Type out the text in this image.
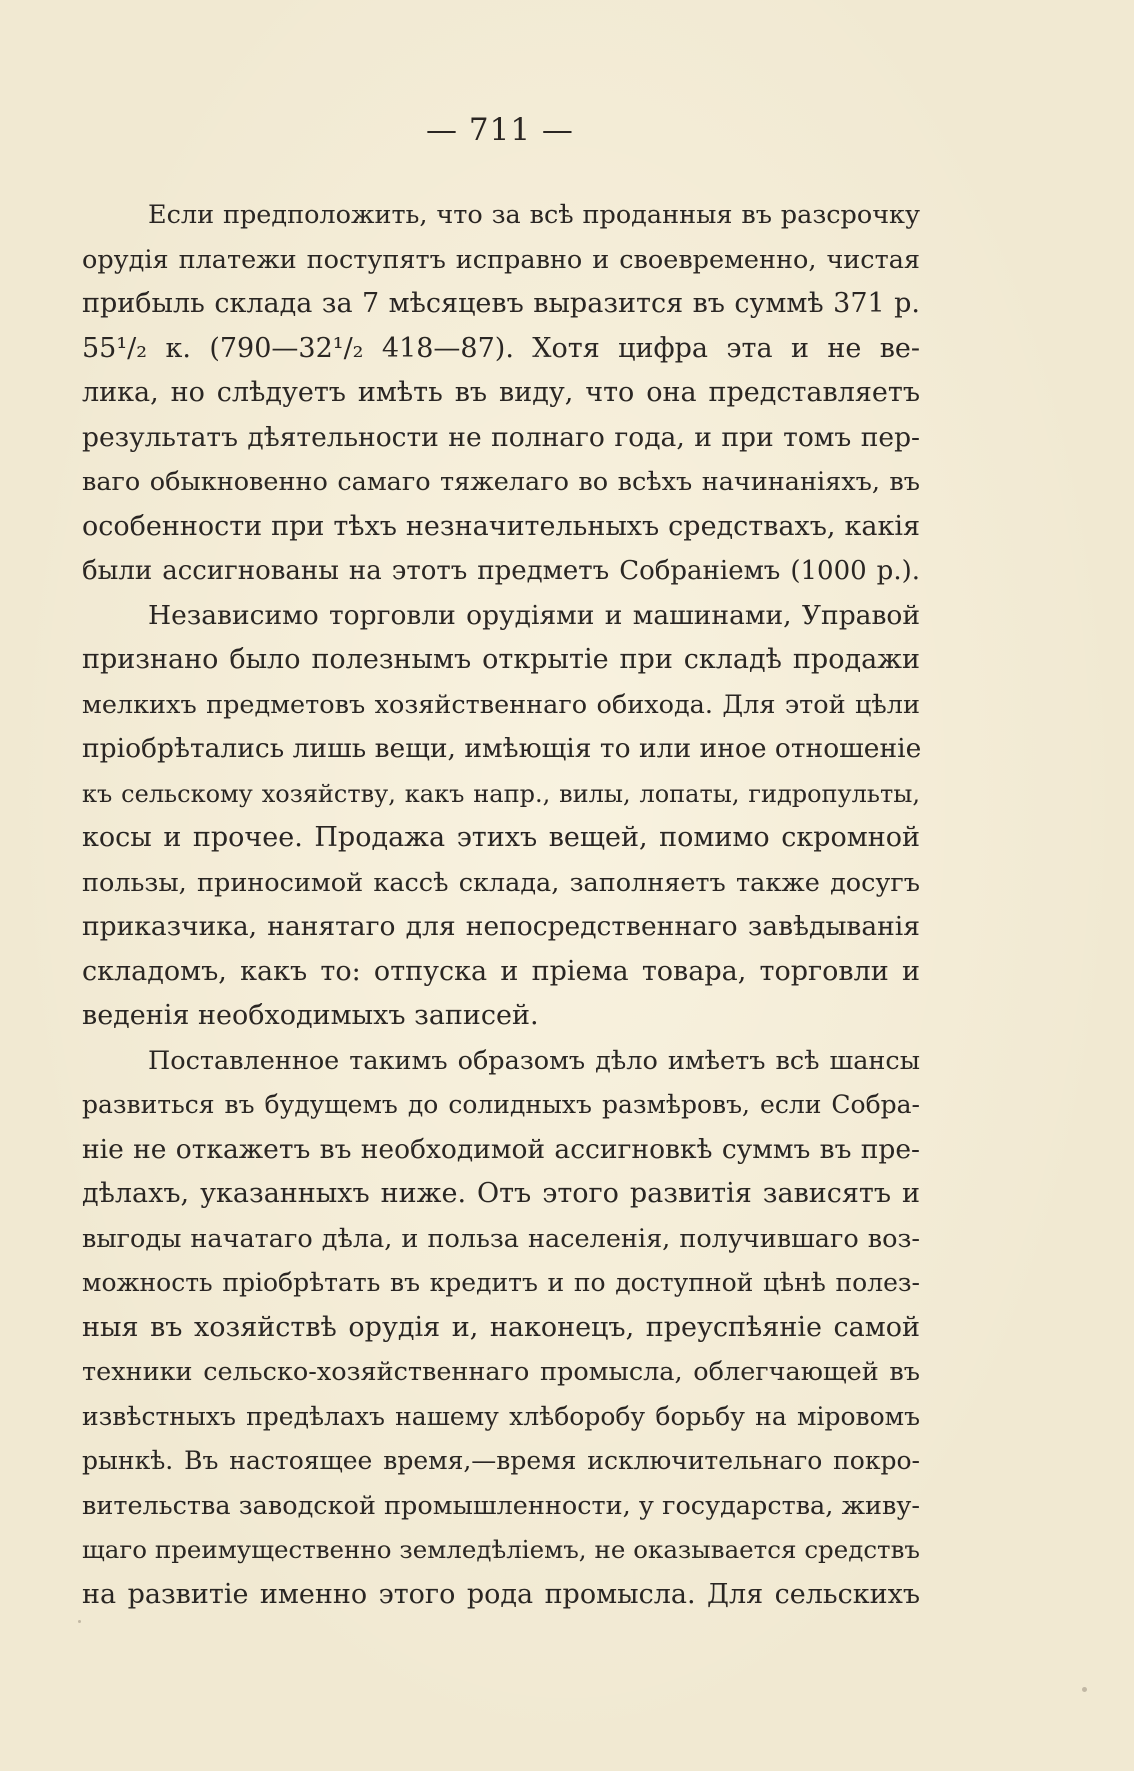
— 711 —
Если предположить, что за всѣ проданныя въ разсрочку
орудія платежи поступятъ исправно и своевременно, чистая
прибыль склада за 7 мѣсяцевъ выразится въ суммѣ 371 р.
55¹/₂ к. (790—32¹/₂ 418—87). Хотя цифра эта и не ве-
лика, но слѣдуетъ имѣть въ виду, что она представляетъ
результатъ дѣятельности не полнаго года, и при томъ пер-
ваго обыкновенно самаго тяжелаго во всѣхъ начинаніяхъ, въ
особенности при тѣхъ незначительныхъ средствахъ, какія
были ассигнованы на этотъ предметъ Собраніемъ (1000 р.).
Независимо торговли орудіями и машинами, Управой
признано было полезнымъ открытіе при складѣ продажи
мелкихъ предметовъ хозяйственнаго обихода. Для этой цѣли
пріобрѣтались лишь вещи, имѣющія то или иное отношеніе
къ сельскому хозяйству, какъ напр., вилы, лопаты, гидропульты,
косы и прочее. Продажа этихъ вещей, помимо скромной
пользы, приносимой кассѣ склада, заполняетъ также досугъ
приказчика, нанятаго для непосредственнаго завѣдыванія
складомъ, какъ то: отпуска и пріема товара, торговли и
веденія необходимыхъ записей.
Поставленное такимъ образомъ дѣло имѣетъ всѣ шансы
развиться въ будущемъ до солидныхъ размѣровъ, если Собра-
ніе не откажетъ въ необходимой ассигновкѣ суммъ въ пре-
дѣлахъ, указанныхъ ниже. Отъ этого развитія зависятъ и
выгоды начатаго дѣла, и польза населенія, получившаго воз-
можность пріобрѣтать въ кредитъ и по доступной цѣнѣ полез-
ныя въ хозяйствѣ орудія и, наконецъ, преуспѣяніе самой
техники сельско-хозяйственнаго промысла, облегчающей въ
извѣстныхъ предѣлахъ нашему хлѣборобу борьбу на міровомъ
рынкѣ. Въ настоящее время,—время исключительнаго покро-
вительства заводской промышленности, у государства, живу-
щаго преимущественно земледѣліемъ, не оказывается средствъ
на развитіе именно этого рода промысла. Для сельскихъ
